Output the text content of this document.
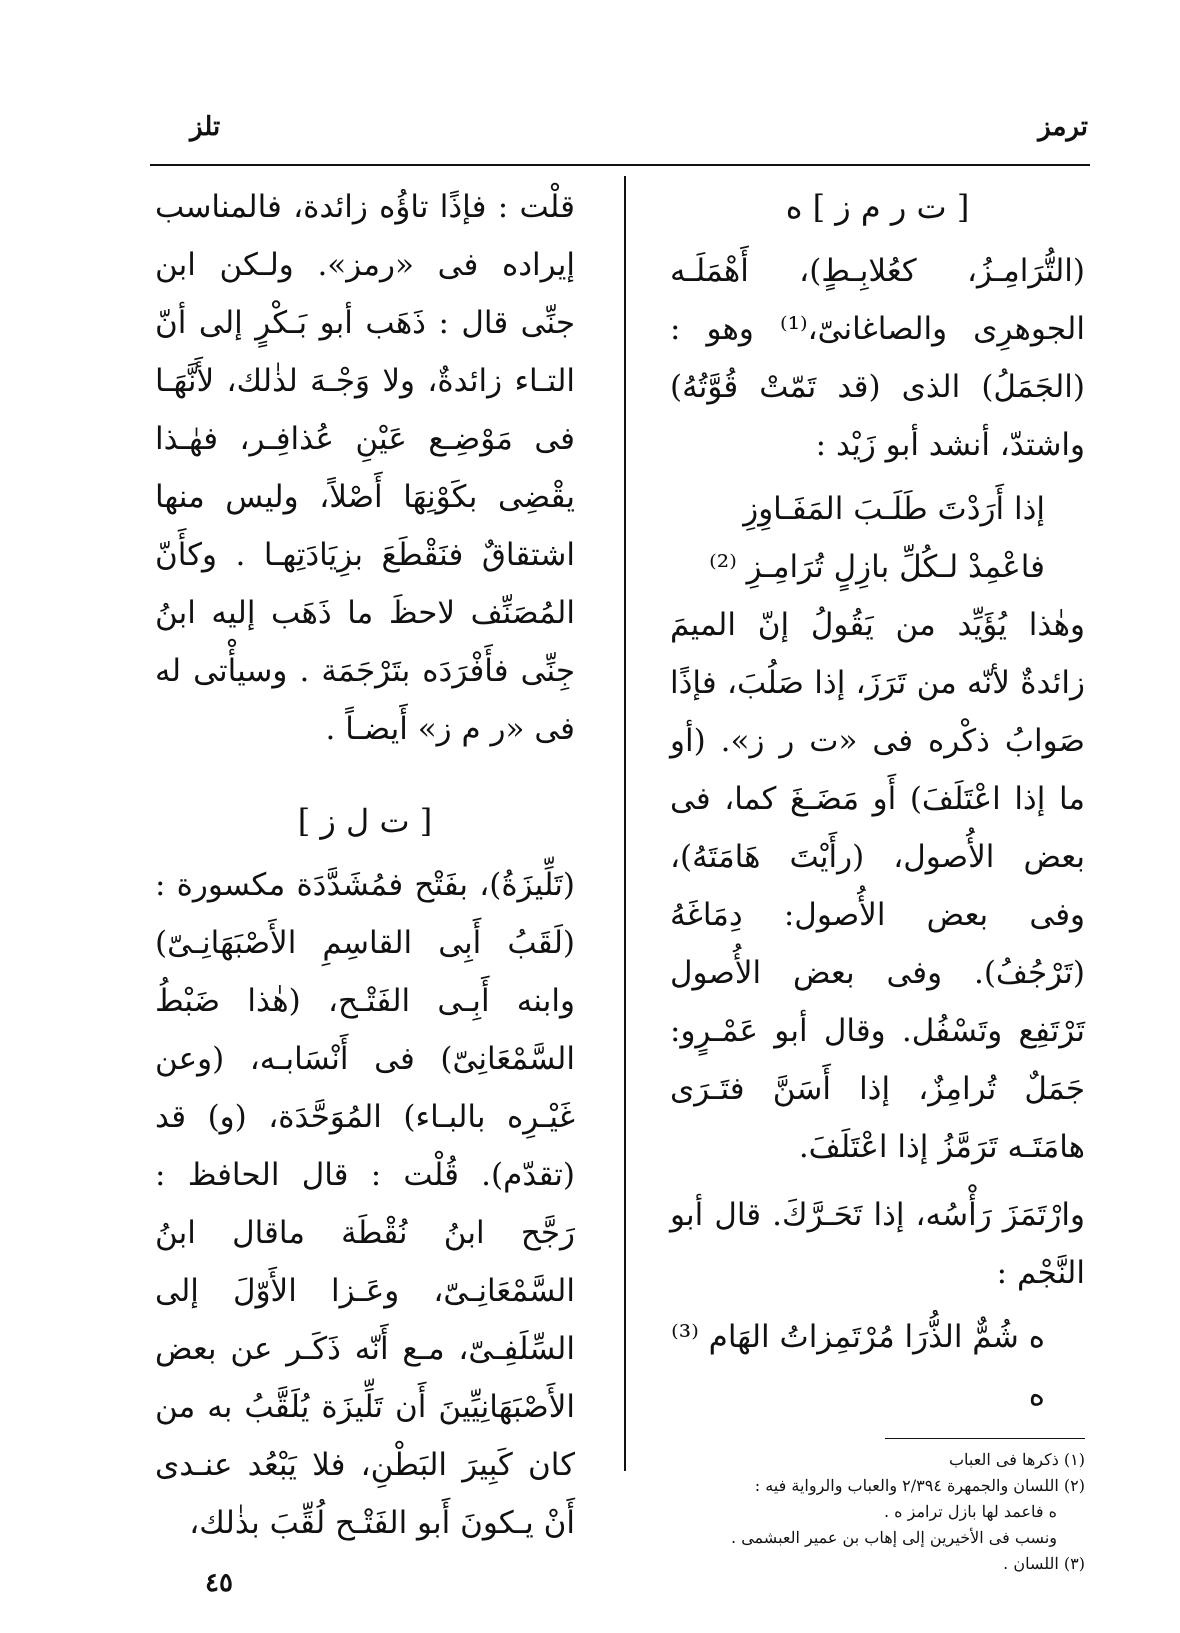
ترمز
تلز
[ ت ر م ز ] ه

(التُّرَامِـزُ، كعُلابِـطٍ)، أَهْمَلَـه الجوهرِى والصاغانىّ،⁽¹⁾ وهو :(الجَمَلُ) الذى (قد تَمّتْ قُوَّتُهُ) واشتدّ، أنشد أبو زَيْد :

إذا أَرَدْتَ طَلَـبَ المَفَـاوِزِ
فاعْمِدْ لـكُلِّ بازِلٍ تُرَامِـزِ ⁽²⁾

وهٰذا يُؤَيِّد من يَقُولُ إنّ الميمَ زائدةٌ لأنّه من تَرَزَ، إذا صَلُبَ، فإذًا صَوابُ ذكْره فى «ت ر ز». (أو ما إذا اعْتَلَفَ) أَو مَضَـغَ كما، فى بعض الأُصول، (رأَيْتَ هَامَتَهُ)، وفى بعض الأُصول: دِمَاغَهُ (تَرْجُفُ). وفى بعض الأُصول تَرْتَفِع وتَسْفُل. وقال أبو عَمْـرٍو: جَمَلٌ تُرامِزٌ، إذا أَسَنَّ فتَـرَى هامَتَـه تَرَمَّزُ إذا اعْتَلَفَ.

وارْتَمَزَ رَأْسُه، إذا تَحَـرَّكَ. قال أبو النَّجْم :

ه شُمٌّ الذُّرَا مُرْتَمِزاتُ الهَام ⁽³⁾ ه
(١) ذكرها فى العباب
(٢) اللسان والجمهرة ٢/٣٩٤ والعباب والرواية فيه :
ه فاعمد لها بازل ترامز ه .
ونسب فى الأخيرين إلى إهاب بن عمير العبشمى .
(٣) اللسان .

قلْت : فإذًا تاؤُه زائدة، فالمناسب إيراده فى «رمز». ولـكن ابن جنِّى قال : ذَهَب أبو بَـكْرٍ إلى أنّ التـاء زائدةٌ، ولا وَجْـهَ لذٰلك، لأَنَّهَـا فى مَوْضِـع عَيْنِ عُذافِـر، فهٰـذا يقْضِى بكَوْنِهَا أَصْلاً، وليس منها اشتقاقٌ فنَقْطَعَ بزِيَادَتِهـا . وكأَنّ المُصَنِّف لاحظَ ما ذَهَب إليه ابنُ جِنِّى فأَفْرَدَه بتَرْجَمَة . وسيأْتى له فى «ر م ز» أَيضـاً .

[ ت ل ز ]

(تَلِّيزَةُ)، بفَتْح فمُشَدَّدَة مكسورة : (لَقَبُ أَبِى القاسِمِ الأَصْبَهَانِـىّ) وابنه أَبِـى الفَتْـح، (هٰذا ضَبْطُ السَّمْعَانِىّ) فى أَنْسَابـه، (وعن غَيْـرِه بالبـاء) المُوَحَّدَة، (و) قد (تقدّم). قُلْت : قال الحافظ : رَجَّح ابنُ نُقْطَة ماقال ابنُ السَّمْعَانِـىّ، وعَـزا الأَوّلَ إلى السِّلَفِـىّ، مـع أَنّه ذَكَـر عن بعض الأَصْبَهَانِيِّينَ أَن تَلِّيزَة يُلَقَّبُ به من كان كَبِيرَ البَطْنِ، فلا يَبْعُد عنـدى أَنْ يـكونَ أَبو الفَتْـح لُقِّبَ بذٰلك،

٤٥
